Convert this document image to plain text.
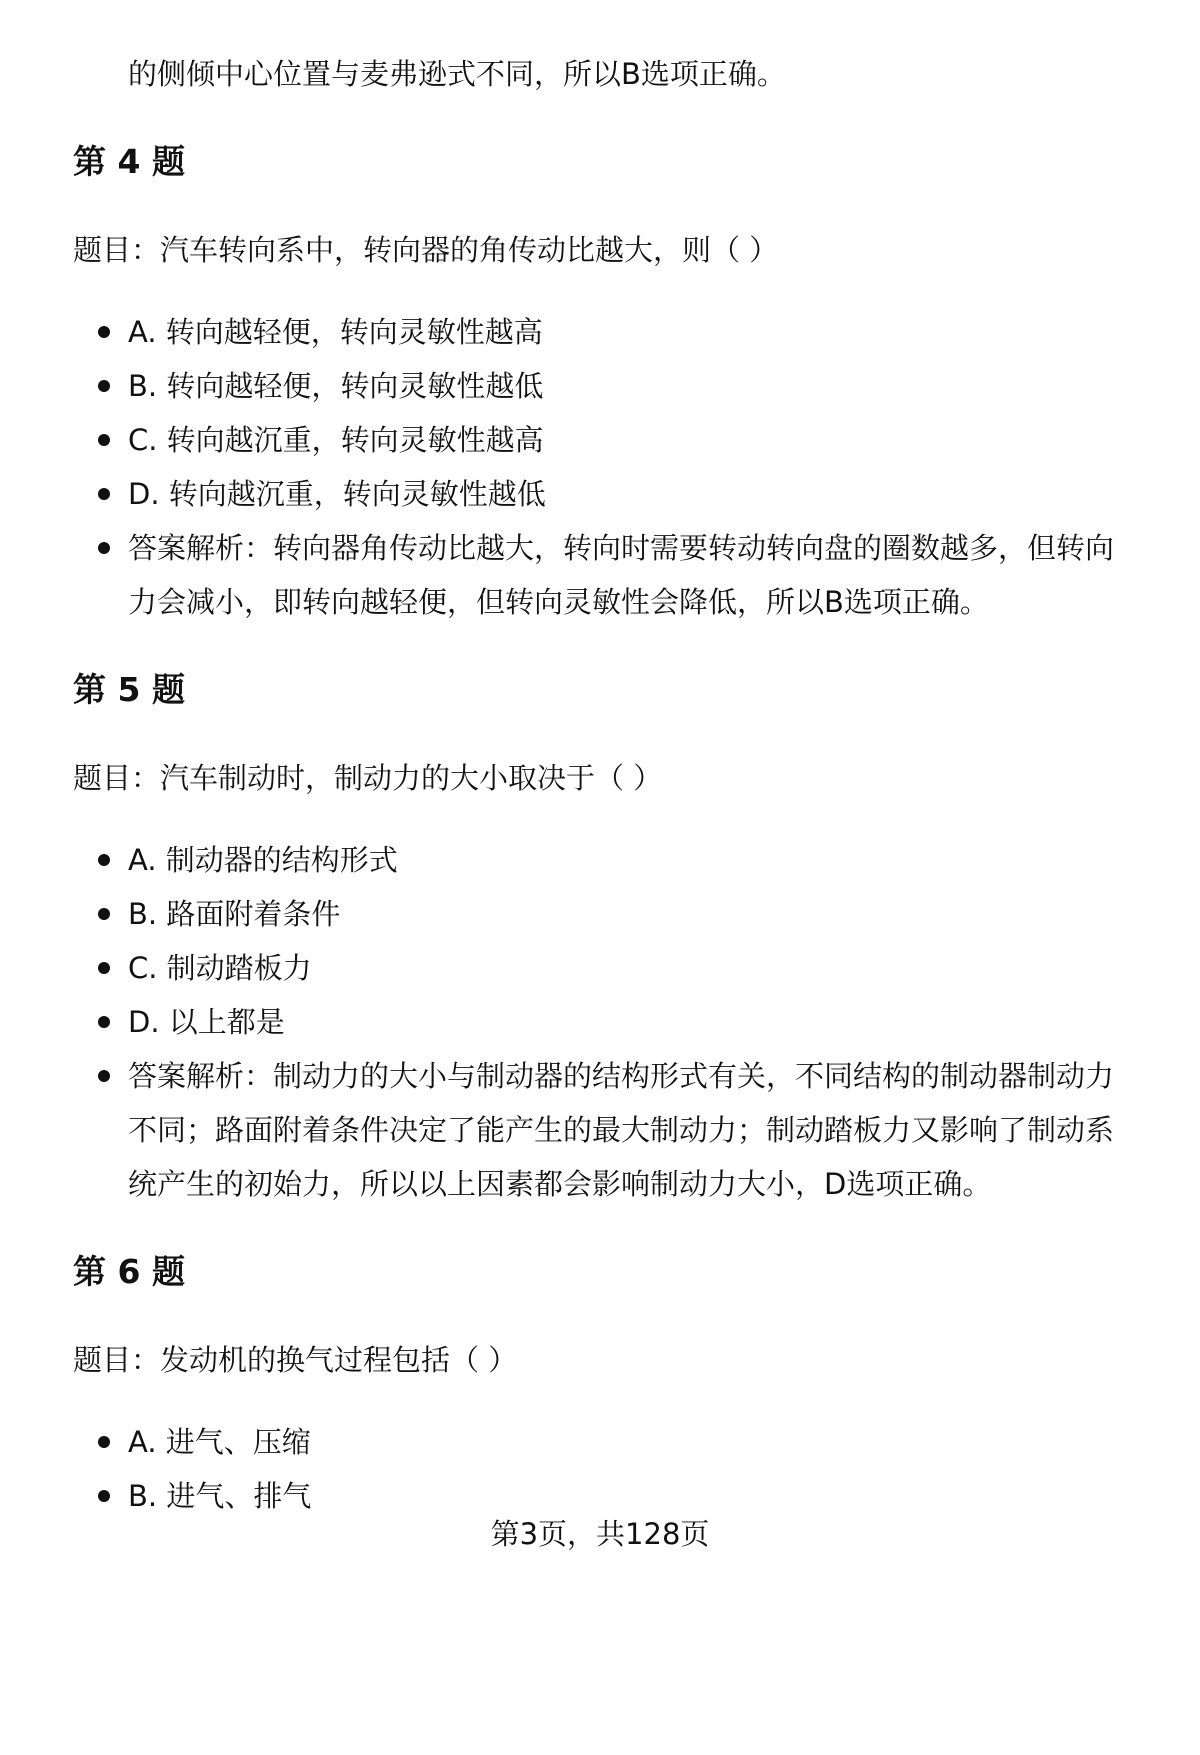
的侧倾中心位置与麦弗逊式不同，所以B选项正确。
第 4 题
题目：汽车转向系中，转向器的角传动比越大，则（ ）
A. 转向越轻便，转向灵敏性越高
B. 转向越轻便，转向灵敏性越低
C. 转向越沉重，转向灵敏性越高
D. 转向越沉重，转向灵敏性越低
答案解析：转向器角传动比越大，转向时需要转动转向盘的圈数越多，但转向
力会减小，即转向越轻便，但转向灵敏性会降低，所以B选项正确。
第 5 题
题目：汽车制动时，制动力的大小取决于（ ）
A. 制动器的结构形式
B. 路面附着条件
C. 制动踏板力
D. 以上都是
答案解析：制动力的大小与制动器的结构形式有关，不同结构的制动器制动力
不同；路面附着条件决定了能产生的最大制动力；制动踏板力又影响了制动系
统产生的初始力，所以以上因素都会影响制动力大小，D选项正确。
第 6 题
题目：发动机的换气过程包括（ ）
A. 进气、压缩
B. 进气、排气
第3页，共128页
